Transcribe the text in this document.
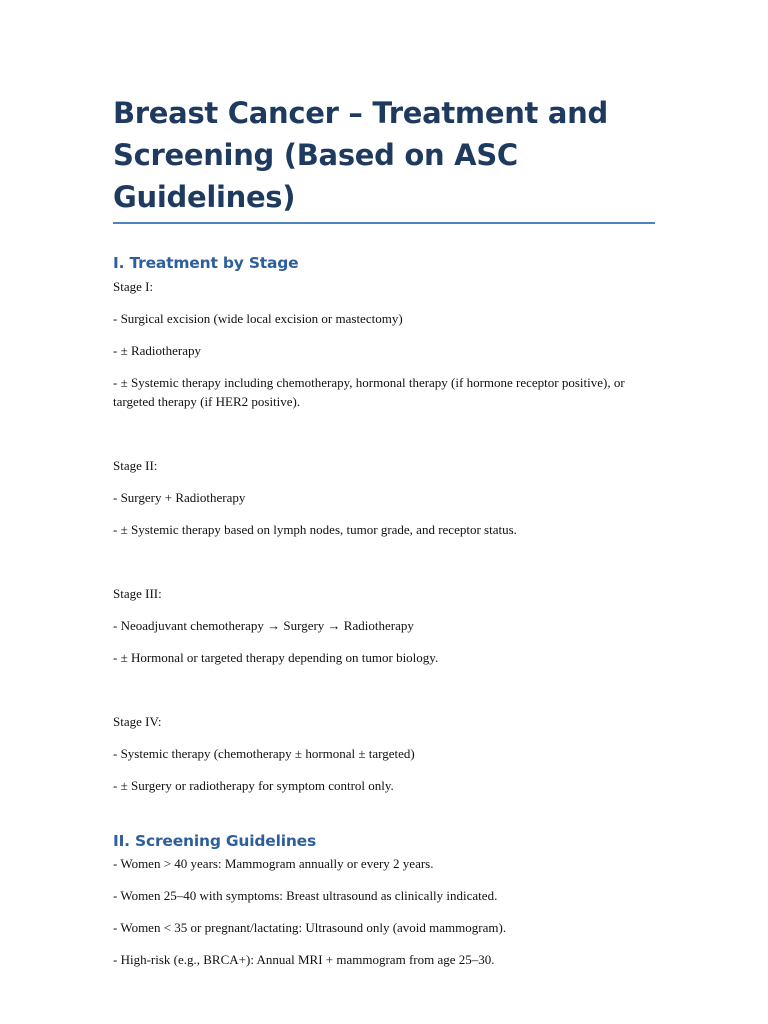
Breast Cancer – Treatment and Screening (Based on ASC Guidelines)
I. Treatment by Stage

Stage I:

- Surgical excision (wide local excision or mastectomy)

- ± Radiotherapy

- ± Systemic therapy including chemotherapy, hormonal therapy (if hormone receptor positive), or targeted therapy (if HER2 positive).

Stage II:

- Surgery + Radiotherapy

- ± Systemic therapy based on lymph nodes, tumor grade, and receptor status.

Stage III:

- Neoadjuvant chemotherapy → Surgery → Radiotherapy

- ± Hormonal or targeted therapy depending on tumor biology.

Stage IV:

- Systemic therapy (chemotherapy ± hormonal ± targeted)

- ± Surgery or radiotherapy for symptom control only.

II. Screening Guidelines

- Women > 40 years: Mammogram annually or every 2 years.

- Women 25–40 with symptoms: Breast ultrasound as clinically indicated.

- Women < 35 or pregnant/lactating: Ultrasound only (avoid mammogram).

- High-risk (e.g., BRCA+): Annual MRI + mammogram from age 25–30.
